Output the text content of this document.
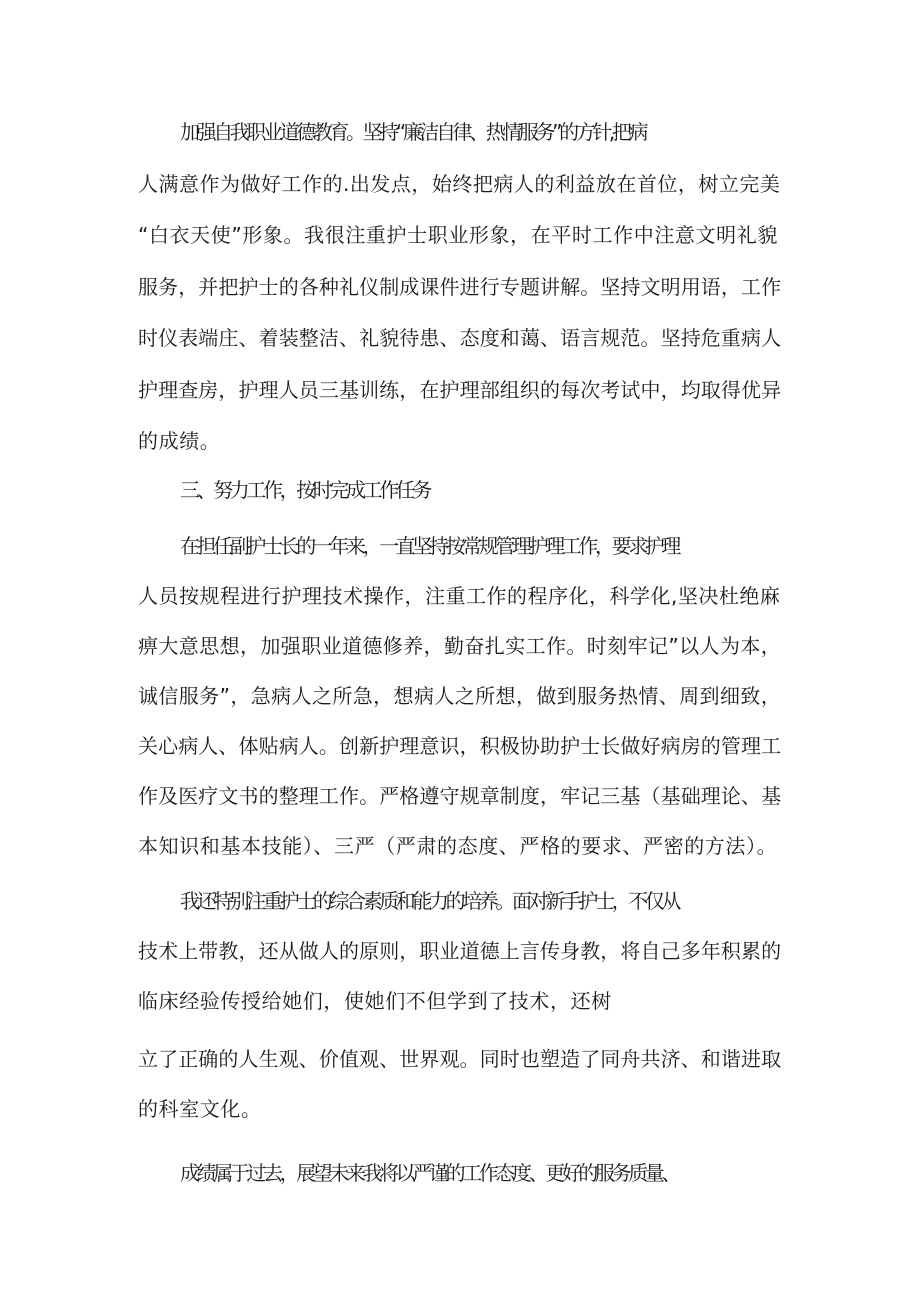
加强自我职业道德教育。坚持“廉洁自律、热情服务”的方针,把病
人满意作为做好工作的.出发点，始终把病人的利益放在首位，树立完美
“白衣天使”形象。我很注重护士职业形象，在平时工作中注意文明礼貌
服务，并把护士的各种礼仪制成课件进行专题讲解。坚持文明用语，工作
时仪表端庄、着装整洁、礼貌待患、态度和蔼、语言规范。坚持危重病人
护理查房，护理人员三基训练，在护理部组织的每次考试中，均取得优异
的成绩。
三、努力工作，按时完成工作任务
在担任副护士长的一年来，一直坚持按常规管理护理工作，要求护理
人员按规程进行护理技术操作，注重工作的程序化，科学化,坚决杜绝麻
痹大意思想，加强职业道德修养，勤奋扎实工作。时刻牢记”以人为本，
诚信服务”，急病人之所急，想病人之所想，做到服务热情、周到细致，
关心病人、体贴病人。创新护理意识，积极协助护士长做好病房的管理工
作及医疗文书的整理工作。严格遵守规章制度，牢记三基（基础理论、基
本知识和基本技能）、三严（严肃的态度、严格的要求、严密的方法）。
我还特别注重护士的综合素质和能力的培养。面对新手护士，不仅从
技术上带教，还从做人的原则，职业道德上言传身教，将自己多年积累的
临床经验传授给她们，使她们不但学到了技术，还树
立了正确的人生观、价值观、世界观。同时也塑造了同舟共济、和谐进取
的科室文化。
成绩属于过去，展望未来我将以严谨的工作态度、更好的服务质量、
